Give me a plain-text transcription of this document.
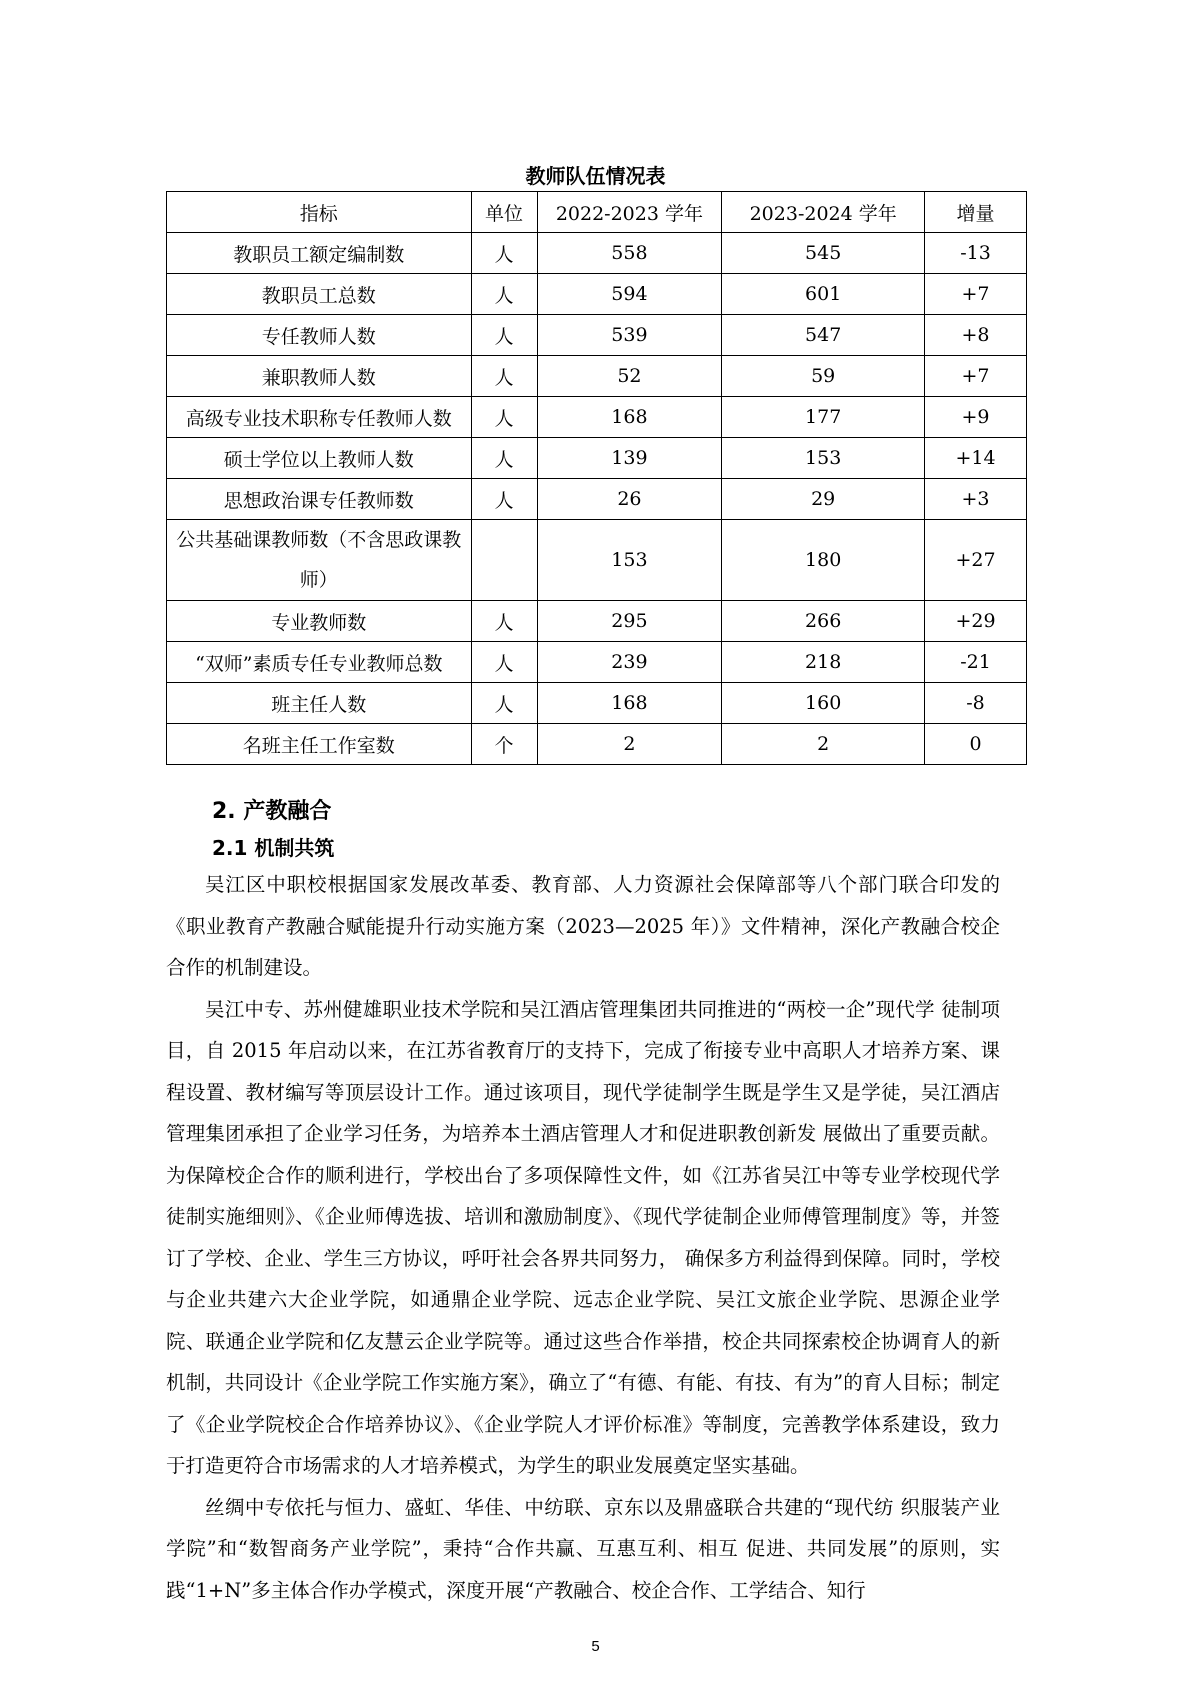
教师队伍情况表
指标	单位	2022-2023 学年	2023-2024 学年	增量
教职员工额定编制数	人	558	545	-13
教职员工总数	人	594	601	+7
专任教师人数	人	539	547	+8
兼职教师人数	人	52	59	+7
高级专业技术职称专任教师人数	人	168	177	+9
硕士学位以上教师人数	人	139	153	+14
思想政治课专任教师数	人	26	29	+3
公共基础课教师数（不含思政课教师）		153	180	+27
专业教师数	人	295	266	+29
“双师”素质专任专业教师总数	人	239	218	-21
班主任人数	人	168	160	-8
名班主任工作室数	个	2	2	0
2. 产教融合
2.1 机制共筑

吴江区中职校根据国家发展改革委、教育部、人力资源社会保障部等八个部门联合印发的 《职业教育产教融合赋能提升行动实施方案（2023—2025 年）》文件精神，深化产教融合校企合作的机制建设。

吴江中专、苏州健雄职业技术学院和吴江酒店管理集团共同推进的“两校一企”现代学 徒制项目，自 2015 年启动以来，在江苏省教育厅的支持下，完成了衔接专业中高职人才培养方案、课程设置、教材编写等顶层设计工作。通过该项目，现代学徒制学生既是学生又是学徒，吴江酒店管理集团承担了企业学习任务，为培养本土酒店管理人才和促进职教创新发 展做出了重要贡献。为保障校企合作的顺利进行，学校出台了多项保障性文件，如《江苏省吴江中等专业学校现代学徒制实施细则》、《企业师傅选拔、培训和激励制度》、《现代学徒制企业师傅管理制度》等，并签订了学校、企业、学生三方协议，呼吁社会各界共同努力， 确保多方利益得到保障。同时，学校与企业共建六大企业学院，如通鼎企业学院、远志企业学院、吴江文旅企业学院、思源企业学院、联通企业学院和亿友慧云企业学院等。通过这些合作举措，校企共同探索校企协调育人的新机制，共同设计《企业学院工作实施方案》，确立了“有德、有能、有技、有为”的育人目标；制定了《企业学院校企合作培养协议》、《企业学院人才评价标准》等制度，完善教学体系建设，致力于打造更符合市场需求的人才培养模式，为学生的职业发展奠定坚实基础。

丝绸中专依托与恒力、盛虹、华佳、中纺联、京东以及鼎盛联合共建的“现代纺 织服装产业学院”和“数智商务产业学院”，秉持“合作共赢、互惠互利、相互 促进、共同发展”的原则，实践“1+N”多主体合作办学模式，深度开展“产教融合、校企合作、工学结合、知行

5
